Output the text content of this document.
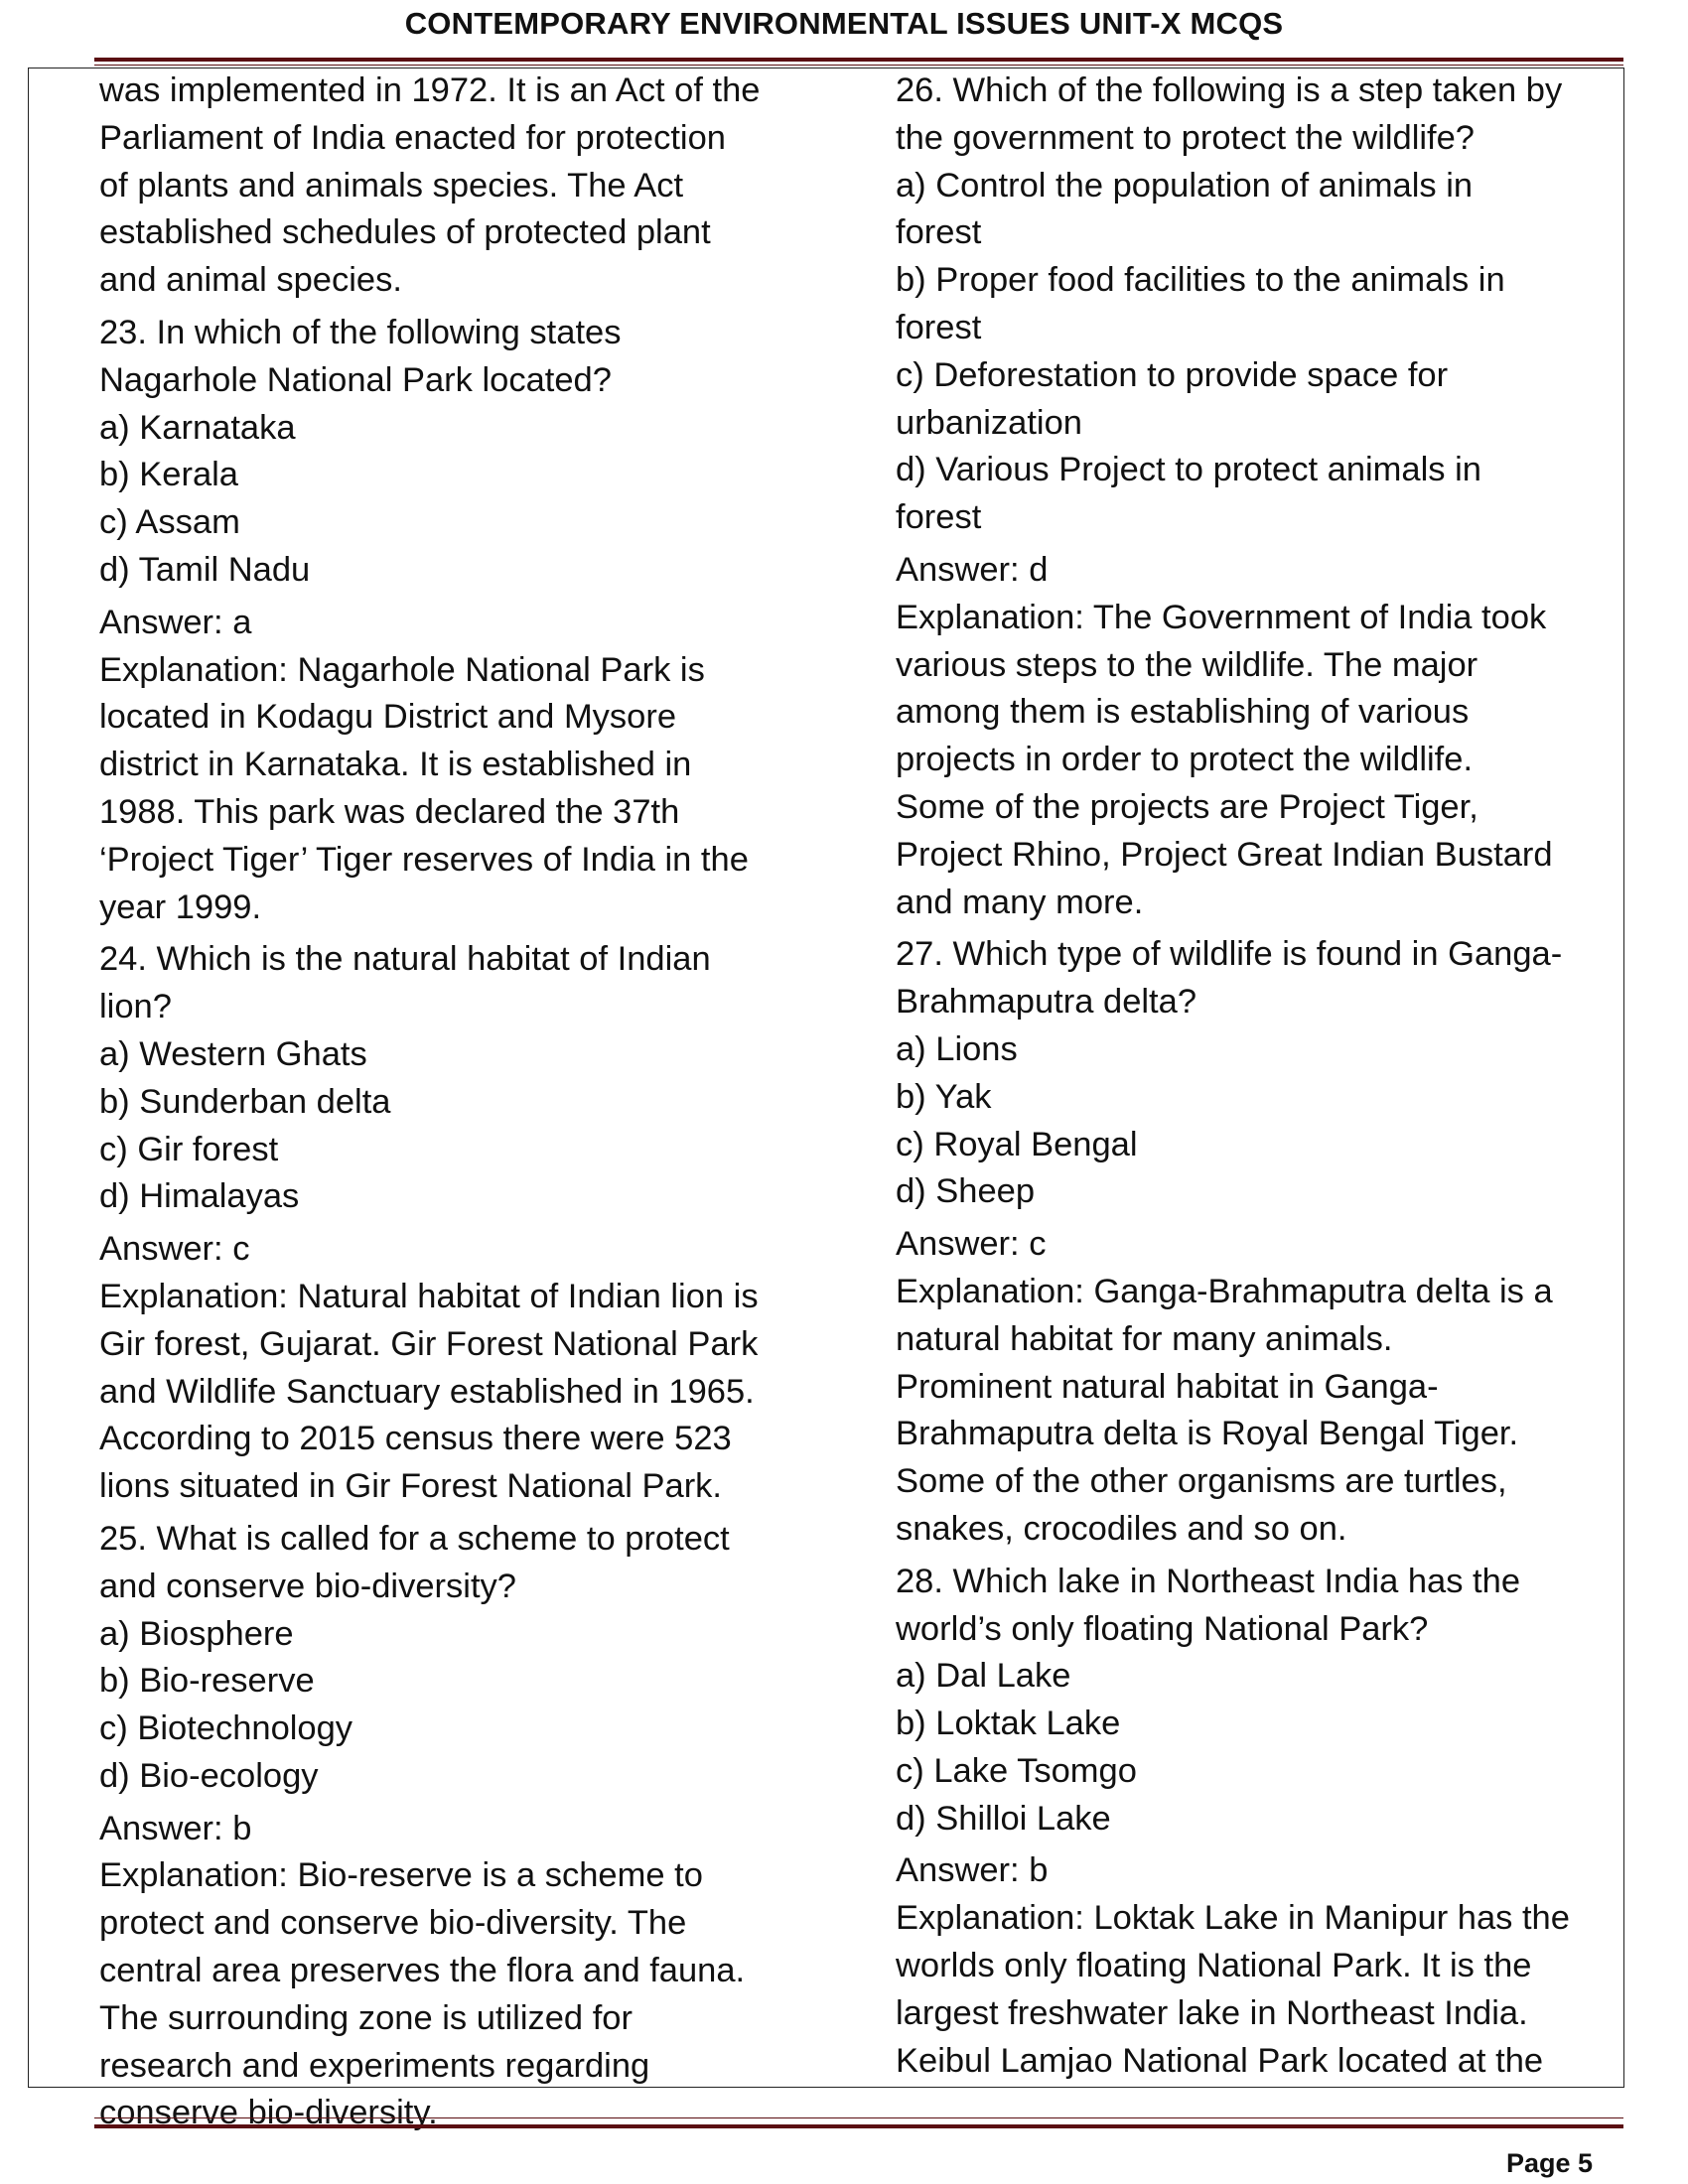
CONTEMPORARY ENVIRONMENTAL ISSUES UNIT-X MCQS

was implemented in 1972. It is an Act of the

Parliament of India enacted for protection

of plants and animals species. The Act

established schedules of protected plant

and animal species.

23. In which of the following states

Nagarhole National Park located?

a) Karnataka

b) Kerala

c) Assam

d) Tamil Nadu

Answer: a

Explanation: Nagarhole National Park is

located in Kodagu District and Mysore

district in Karnataka. It is established in

1988. This park was declared the 37th

‘Project Tiger’ Tiger reserves of India in the

year 1999.

24. Which is the natural habitat of Indian

lion?

a) Western Ghats

b) Sunderban delta

c) Gir forest

d) Himalayas

Answer: c

Explanation: Natural habitat of Indian lion is

Gir forest, Gujarat. Gir Forest National Park

and Wildlife Sanctuary established in 1965.

According to 2015 census there were 523

lions situated in Gir Forest National Park.

25. What is called for a scheme to protect

and conserve bio-diversity?

a) Biosphere

b) Bio-reserve

c) Biotechnology

d) Bio-ecology

Answer: b

Explanation: Bio-reserve is a scheme to

protect and conserve bio-diversity. The

central area preserves the flora and fauna.

The surrounding zone is utilized for

research and experiments regarding

conserve bio-diversity.

26. Which of the following is a step taken by

the government to protect the wildlife?

a) Control the population of animals in

forest

b) Proper food facilities to the animals in

forest

c) Deforestation to provide space for

urbanization

d) Various Project to protect animals in

forest

Answer: d

Explanation: The Government of India took

various steps to the wildlife. The major

among them is establishing of various

projects in order to protect the wildlife.

Some of the projects are Project Tiger,

Project Rhino, Project Great Indian Bustard

and many more.

27. Which type of wildlife is found in Ganga-

Brahmaputra delta?

a) Lions

b) Yak

c) Royal Bengal

d) Sheep

Answer: c

Explanation: Ganga-Brahmaputra delta is a

natural habitat for many animals.

Prominent natural habitat in Ganga-

Brahmaputra delta is Royal Bengal Tiger.

Some of the other organisms are turtles,

snakes, crocodiles and so on.

28. Which lake in Northeast India has the

world’s only floating National Park?

a) Dal Lake

b) Loktak Lake

c) Lake Tsomgo

d) Shilloi Lake

Answer: b

Explanation: Loktak Lake in Manipur has the

worlds only floating National Park. It is the

largest freshwater lake in Northeast India.

Keibul Lamjao National Park located at the

Page 5
